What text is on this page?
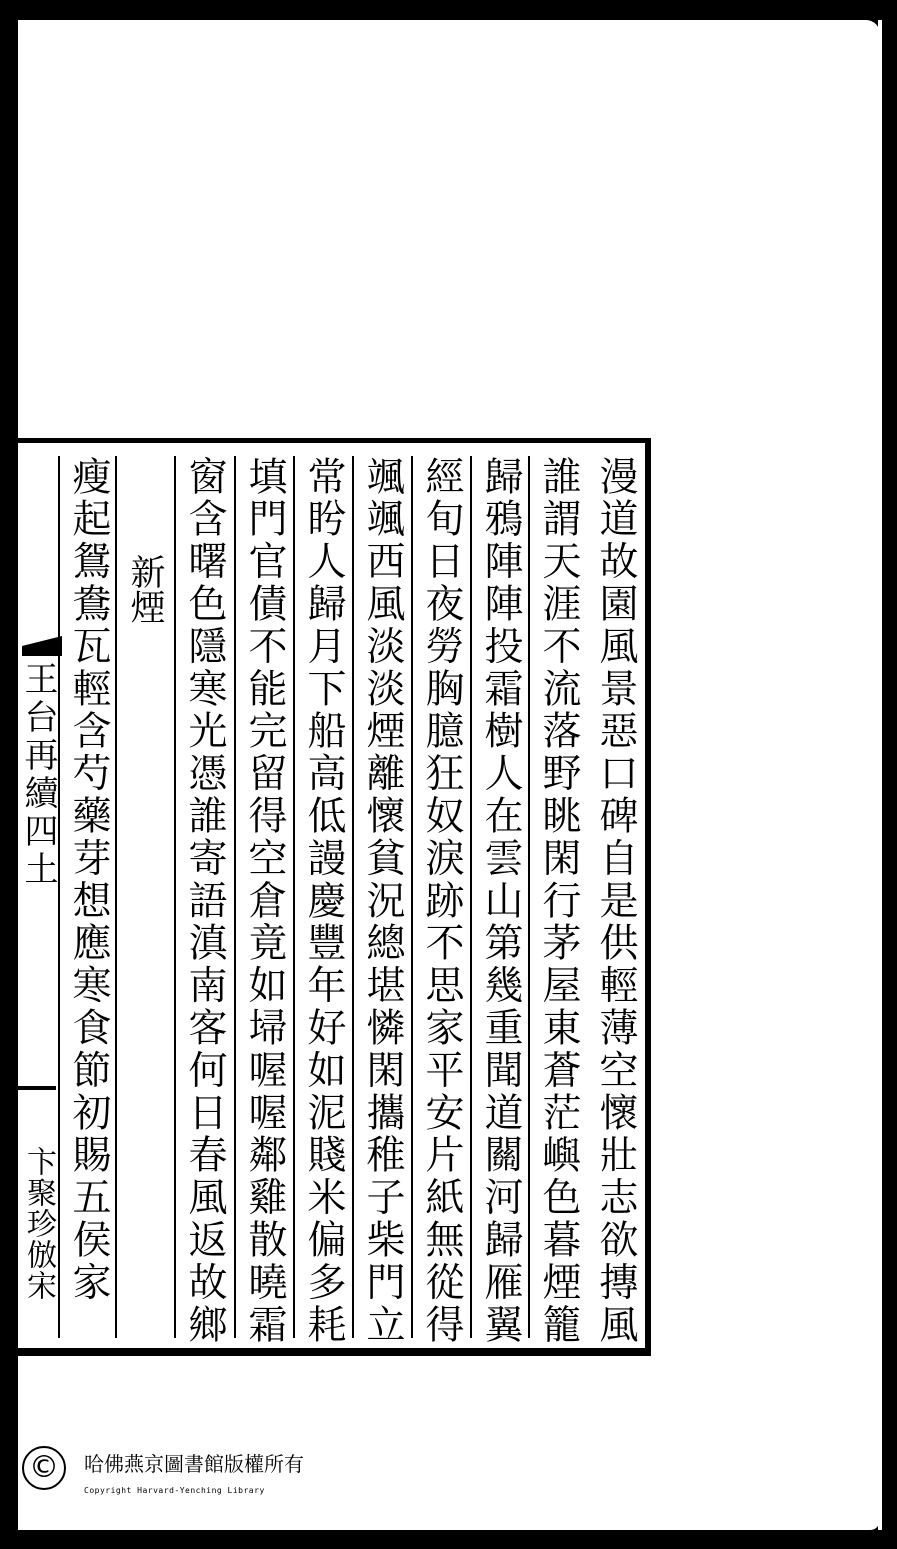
漫道故園風景惡口碑自是供輕薄空懷壯志欲摶風
誰謂天涯不流落野眺閑行茅屋東蒼茫嶼色暮煙籠
歸鴉陣陣投霜樹人在雲山第幾重聞道關河歸雁翼
經旬日夜勞胸臆狂奴淚跡不思家平安片紙無從得
颯颯西風淡淡煙離懷貧況總堪憐閑攜稚子柴門立
常盻人歸月下船高低謾慶豐年好如泥賤米偏多耗
填門官債不能完留得空倉竟如埽喔喔鄰雞散曉霜
窗含曙色隱寒光憑誰寄語滇南客何日春風返故鄉
新煙
瘦起鴛鴦瓦輕含芍藥芽想應寒食節初賜五侯家
王台再續四土
卞聚珍倣宋
©	哈佛燕京圖書館版權所有
Copyright Harvard-Yenching Library
